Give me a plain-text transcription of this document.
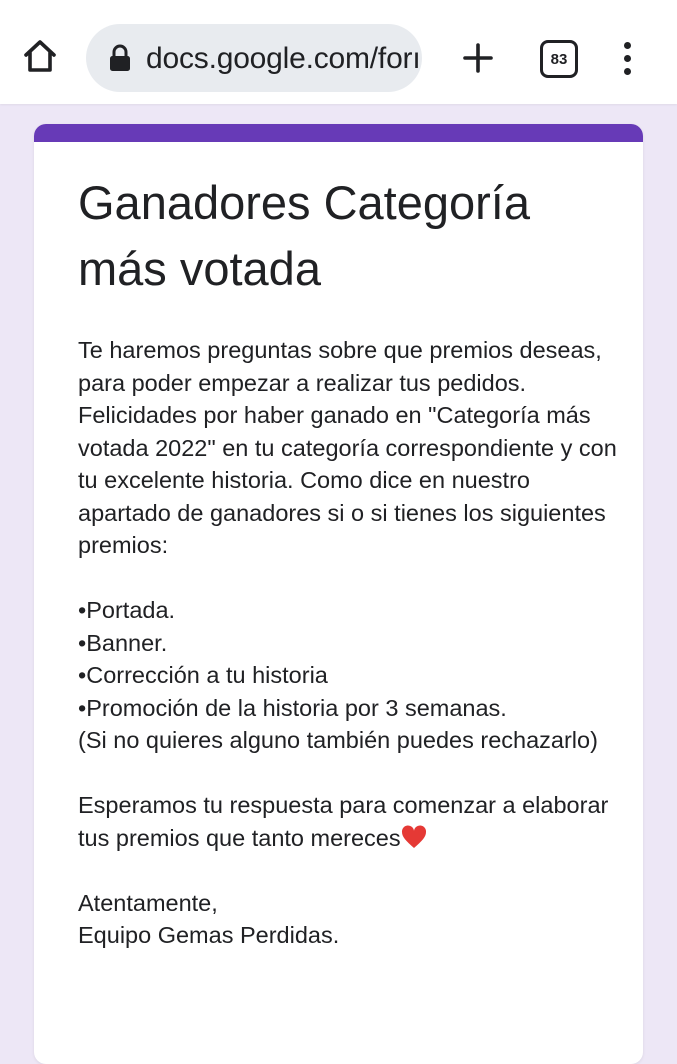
docs.google.com/forı	83
Ganadores Categoría más votada

Te haremos preguntas sobre que premios deseas, para poder empezar a realizar tus pedidos. Felicidades por haber ganado en "Categoría más votada 2022" en tu categoría correspondiente y con tu excelente historia. Como dice en nuestro apartado de ganadores si o si tienes los siguientes premios:

•Portada.
•Banner.
•Corrección a tu historia
•Promoción de la historia por 3 semanas.

(Si no quieres alguno también puedes rechazarlo)

Esperamos tu respuesta para comenzar a elaborar tus premios que tanto mereces

Atentamente,
Equipo Gemas Perdidas.
